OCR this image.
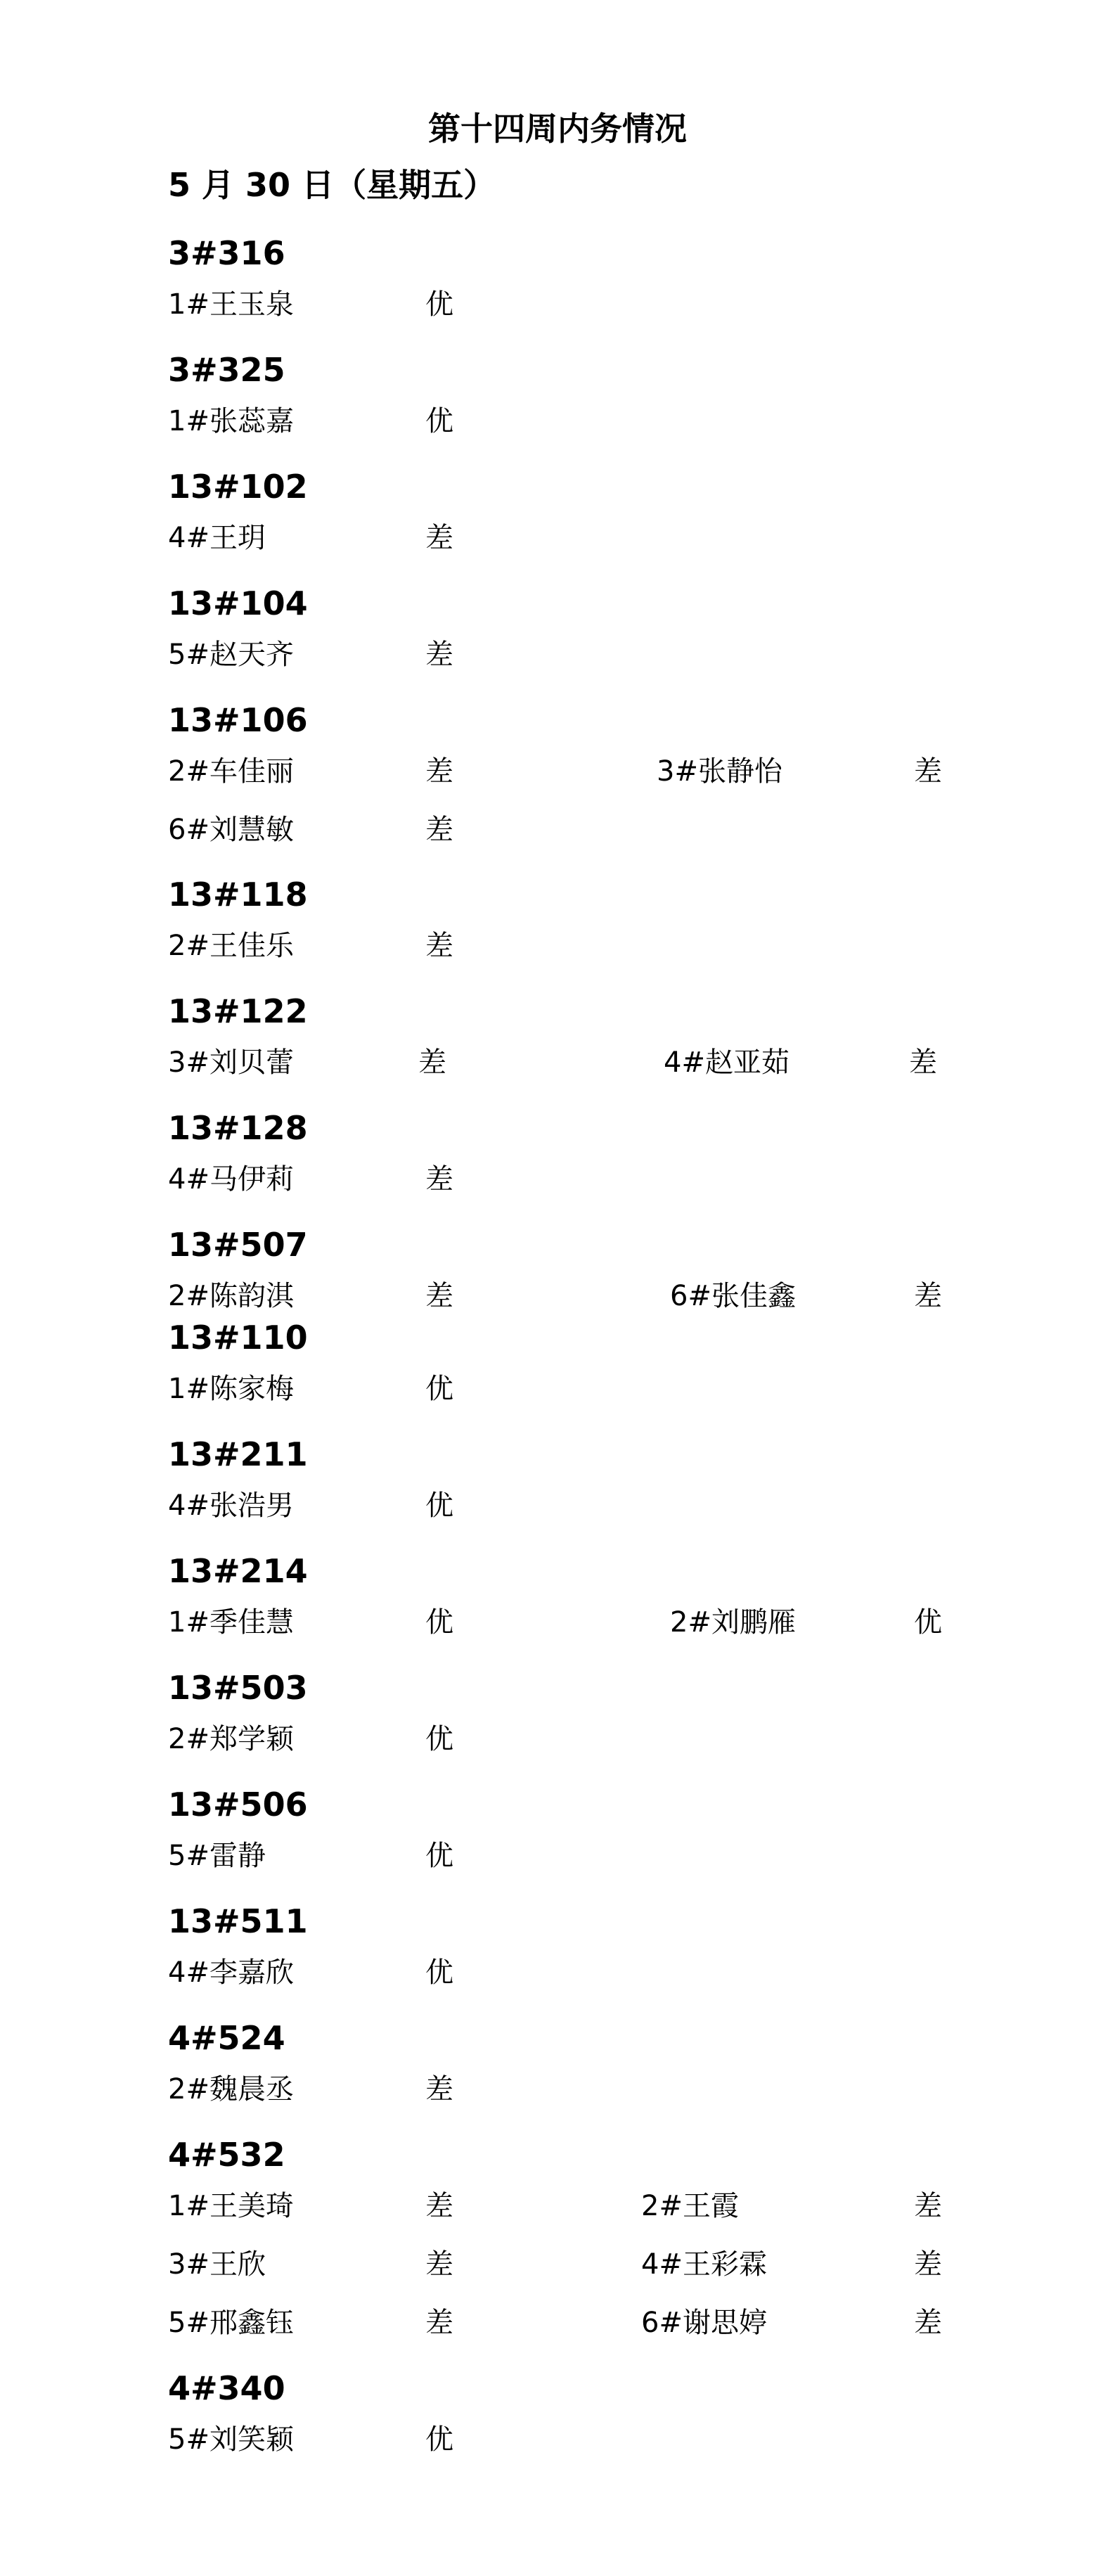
第十四周内务情况
5 月 30 日（星期五）
3#316
1#王玉泉	优
3#325
1#张蕊嘉	优
13#102
4#王玥	差
13#104
5#赵天齐	差
13#106
2#车佳丽	差	3#张静怡	差
6#刘慧敏	差
13#118
2#王佳乐	差
13#122
3#刘贝蕾	差	4#赵亚茹	差
13#128
4#马伊莉	差
13#507
2#陈韵淇	差	6#张佳鑫	差
13#110
1#陈家梅	优
13#211
4#张浩男	优
13#214
1#季佳慧	优	2#刘鹏雁	优
13#503
2#郑学颖	优
13#506
5#雷静	优
13#511
4#李嘉欣	优
4#524
2#魏晨丞	差
4#532
1#王美琦	差	2#王霞	差
3#王欣	差	4#王彩霖	差
5#邢鑫钰	差	6#谢思婷	差
4#340
5#刘笑颖	优
